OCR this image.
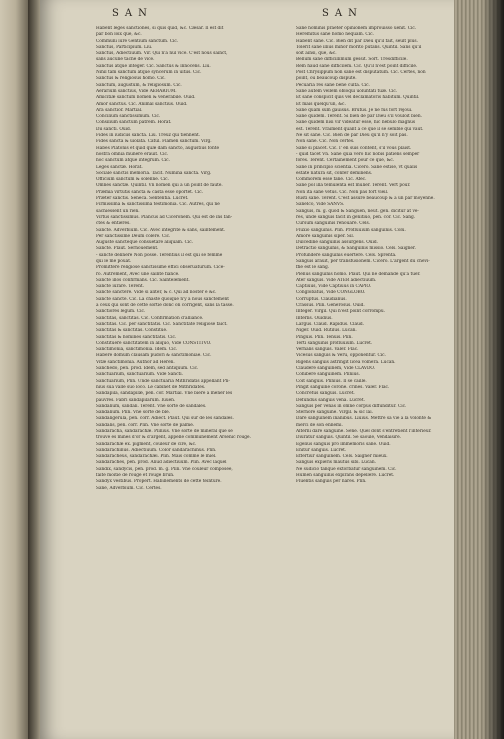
SAN	SAN
Habent leges sanctiones, si quis quid, &c. Cæsar. Il est dit
par bon loix que, &c.
Communi iure Gentium sanctum. Cic.
Sanctus, Participium. Liu.
Sanctus, Adiectiuum. Vir. Qui n'a nul vice. C'est nous sainct,
sans aucune tache de vice.
Sanctus atque integer. Cic. Sanctus & innocens. Liu.
Nihil tam sanctum atque syncerum in uitiis. Cic.
Sanctus & religiosus homo. Cic.
Sanctum, augustum, & religiosum. Cic.
Aerarium sanctius, Vide AERARIUM.
Amicitiæ sanctum nomen & venerabile. Ouid.
Amor sanctus. Cic. Animal sanctius. Ouid.
Ara sanctior. Martial.
Concilium sanctissimum. Cic.
Consilium sanctum patrem. Horat.
Dii sancti. Ouid.
Fides in iudiciis sancta. Liu. Treuz qui tiennent.
Fides sancta & uiolata. Catul. Flamen sanctum. Virg.
Habes Platonis et quid quæ dam sancto, augustius fonte
nostra omnia munere erauit. Cic.
hoc sanctum atque integrum. Cic.
Leges sanctæ. Horat.
Sociale sanctis memoria. Tacit. Numina sancta. Virg.
Officium sanctum & solenne. Cic.
Omnes sanctæ. Quintil. Vn nomen qui a un point de faute.
Præmia virtutis sancta & casta esse oportet. Cic.
Præter sanctis. Seneca. Sententia. Lucret.
Firmissima & sanctissima testimonia. Cic. Autres, qui ne
sachiessent un rien.
Virtus sanctissimus. Plancus ad Ciceronem. Qui est de ins fan-
ctes & entières.
Sanctè. Adverbium. Cic. Avec integrité & sans, saintement.
Per sanctissime Deum colere. Cic.
Augustè sanctèque consuetare aliquam. Cic.
Sancte. Plaut. Sernouement.
- sanctè delinere Non posse. Terentius il est qui se femme
qui le me pouât.
Promittere religiosè sanctissimè effici obseruaturum. Cice-
ro. Autrement, Avec une sainte fiance.
Sanctè illos confirmans. Cic. Saintelement.
Sanctè iurare. Terent.
Sanctè sanctêre. Vide si alitèr, & c. Qui ad noster e &c.
Sanctè sanctè. Cic. La chaste quoique n'y a nous sanctement
à ceux qui sont de cette sortie donc on corrigent, sans la tasse.
Sanctiores legum. Cic.
Sanctitas, sanctitas. Cic. Confirmation d'alliance.
Sanctitas. Cic. per sanctitatis. Cic. Sanctitate religiosè faict.
Sanctitas & sanctitas. Constitue.
Sanctitas & homines sanctitatis. Cic.
Constituere sanctitatem in aliquo, Vide CONSTITVO.
Sanctimonia, sanctimonia. Idem. Cic.
Habere domum clausam pudori & sanctimoniae. Cic.
Vitæ sanctimonia. Author ad Heren.
Sanchedo, pen. prod. Idem, sed antiquum. Cic.
Sanctuarium, sanctuarium. Vide Sancti.
Sanctuarium, Plin. Unde sanctuaria Mithridatis appellant Pli-
nius sua valle suo loco. Le cabinet de Mithridates.
Sandapila, sandapilæ, pen. cor. Martial. Vne biere a mener les
pauvres. Fabri sandapilarum. Iuuen.
Sandalium, sandali. Terent. Vne sorte de sandales.
Sandalium. Plin. Vne sorte de blé.
Sandaligerula, pen. corr. Adiect. Plaut. Qui sur de les sandales.
Sandalis, pen. corr. Plin. Vne sorte de palme.
Sandaracha, sandarachæ. Plinius. Vne sorte de mineral que se
trouve ès mines d'or & d'argent, appellé communement Arsenic rouge.
Sandarachæ ex. pigment, couleur de cire, &c.
Sandarachinus. Adiectiuum. Color sandarachinus. Plin.
Sandaracheus, sandarachæi. Plin. Mais comme le miel.
Sandaraches, pen. prod. Aliud adiectiuum. Plin. Avec laquel
Sandix, sandycis, pen. prod. m. g. Plin. Vne couleur composée,
faite moitié de rouge et rouge brun.
Sandyx vestibus. Propert. Habillements de cette teinture.
Sane, Adverbium. Cic. Certes.
Sanè hominis praeter opinionem improuisso uenit. Cic.
Heremitus sanè homo nequam. Cic.
Habent sanè. Cic. Bien dit par Dieu qu'il fait, seult plus.
Tolerit sanè illius mihor morito putans. Quintil. Sans qu'il
soit ainsi, que, &c.
Bellum sanè difficillimum gessit. Sort. Trèsdifficile.
Rem haud sanè difficilem. Cic. Qu'il n'est point difficile.
Post Chrysippum non sanè est disputatum. Cic. Certes, non
point, ou beaucoup disputé.
Pecuaria res sanè bene culta. Cic.
Sanè autem vellem obloquī uoluntati tuæ. Cic.
Et sanè conspicit quis vel declamatoris habitum. Quintil.
Et mais quelqu'un, &c.
Sanè quam sum gauisus. Brutus. Je ne fus fort réjoui.
Sanè quidem. Terent. Si bien de par Dieu s'il vouloit bien.
Sanè quidem nisi vir videatur esse, hic nebulo magnus
est. Terent. Vraiment quant à ce que il se semble qui vaut.
Ne sit sanè. Cic. Bien de par Dieu qu'il n'y soit pas.
Non sanè. Cic. Non certes.
Sanè si placet. Cic. I' en suis content, s'il vous plaist.
- quid tacet Vn. Sanè quia vero hic nobis patiens semper
fores. Terent. Certainement pour ce que, &c.
Sanè in principio scientia. Cicero. Sanè estise, vt qualis
estate natura sit, confer deminens.
Commorem esse fanè. Cic. Afec.
Sanè pol illa temulenta est mulier. Terent. Vert pour.
Non ita sanè vetus. Cic. Non pas fort vieil.
Rusti sanè. Terent. C'est assure beaucoup & à un par moyenne.
Saneſco, Vide SANVS.
Sanguis, m. g. quod & Sanguen, neut. gen. dicitur at ve-
res, unde sanguis facit in genitiuo, pen. cor. Cic. Sang.
Cursum sanguinis renouare. Cels.
Fluxio sanguinis. Plin. Profluuium sanguinis. Colu.
Amore sanguinis siper. Sil.
Dulcedine sanguinis assurgens. Ouid.
Detractio sanguinis, & Sanguinis missio. Cels. Saigner.
Profundere sanguinis euertere. Cels. Sprenta.
Sanguis arauit, per transfusionem. Cicero. L'argent du chevi-
ffie est le sang.
Plenus sanguinis homo. Plaut. Qui ne demande qu'à tuer.
Ater sanguis. Vide ATER adiectiuum.
Captiuus, Vide Captiuus in CAPIO.
Conglobatus, Vide CONGLOBO.
Corruptus. Claudianus.
Crassus. Plin. Generosus. Ouid.
Integer. Virgil. Qui n'est point corrompu.
Interlis. Ouidius.
Largus. Claud. Rapidus. Claud.
Niger. Ouid. Rutilus. Lucan.
Pinguis. Plin. Tenuis. Plin.
Terti sanguinis profluuium. Lucret.
Vernalis sanguis. Valer. Flac.
Vicesus sanguis & Veru, opponentur. Cic.
Rigens sanguis astringit licea volnera. Lucan.
Claudere sanguinem, Vide CLAVDO.
Cohibere sanguinem. Plinius.
Coit sanguis. Plinius. Il se caille.
Pingit sanguine corone. crines. Valer. Flac.
Concretus sanguis. Lucret.
Defundus sanguis vena. Lucret.
Sanguis per venas in omne corpus diffunditur. Cic.
Sternore sanguine. Virgil. & sic lai.
Dare sanguinem inanibus. Liuius. Mettre sa vie à la volonté &
merci de son ennemi.
Alterni dare sanguine. Sene. Quel dont s'entretient l'interieur.
Diuratur sanguis. Quintil. Se saoule, Vendaisire.
Egelius sanguis pro immemoris sane. Ouid.
Enitur sanguis. Lucret.
Effertiur sanguinem. Cels. Saigner mieux.
Sanguis expieris mautus sibi. Lucan.
Ne sudicio tanque extorbatur sanguinem. Cic.
Humen sanguinis expirans depellere. Lucret.
Fluentis sanguis per nares. Plin.
